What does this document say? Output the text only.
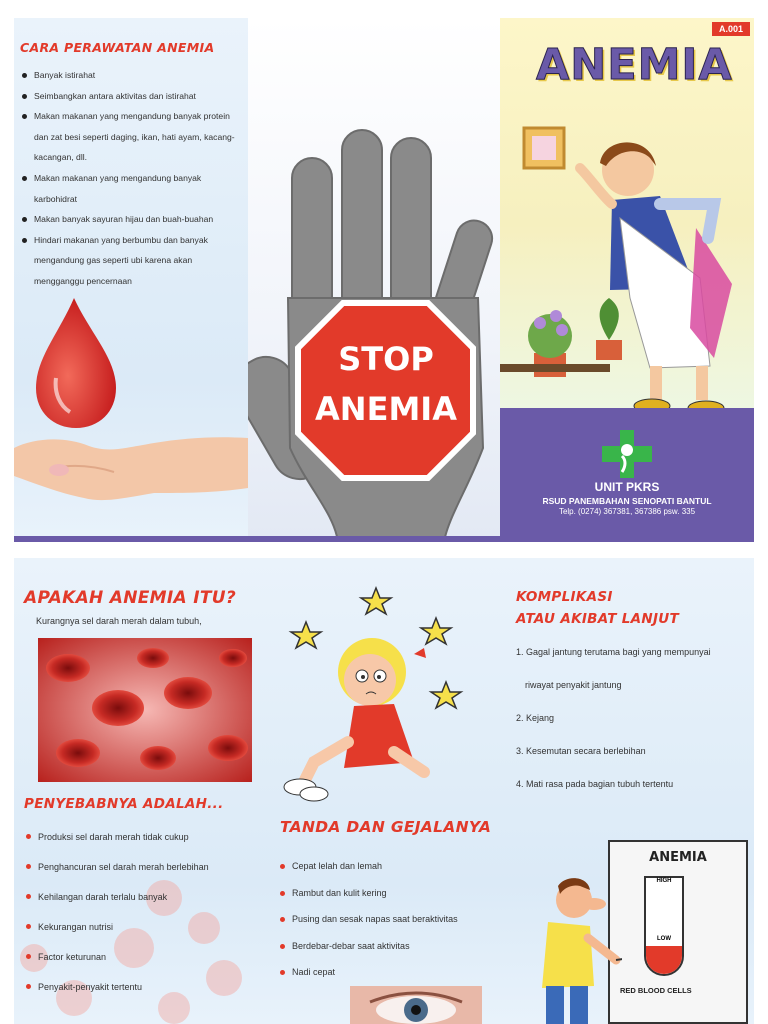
CARA PERAWATAN ANEMIA
Banyak istirahat
Seimbangkan antara aktivitas dan istirahat
Makan makanan yang mengandung banyak protein dan zat besi seperti daging, ikan, hati ayam, kacang-kacangan, dll.
Makan makanan yang mengandung banyak karbohidrat
Makan banyak sayuran hijau dan buah-buahan
Hindari makanan yang berbumbu dan banyak mengandung gas seperti ubi karena akan mengganggu pencernaan
STOP
ANEMIA
A.001
ANEMIA
UNIT PKRS
RSUD PANEMBAHAN SENOPATI BANTUL
Telp. (0274) 367381, 367386 psw. 335
APAKAH ANEMIA ITU?
Kurangnya sel darah merah dalam tubuh,
PENYEBABNYA ADALAH...
Produksi sel darah merah tidak cukup
Penghancuran sel darah merah berlebihan
Kehilangan darah terlalu banyak
Kekurangan nutrisi
Factor keturunan
Penyakit-penyakit tertentu
TANDA DAN GEJALANYA
Cepat lelah dan lemah
Rambut dan kulit kering
Pusing dan sesak napas saat beraktivitas
Berdebar-debar saat aktivitas
Nadi cepat
KOMPLIKASI
ATAU AKIBAT LANJUT
1. Gagal jantung terutama bagi yang mempunyai
riwayat penyakit jantung
2. Kejang
3. Kesemutan secara berlebihan
4. Mati rasa pada bagian tubuh tertentu
ANEMIA
HIGH
LOW
RED BLOOD CELLS
